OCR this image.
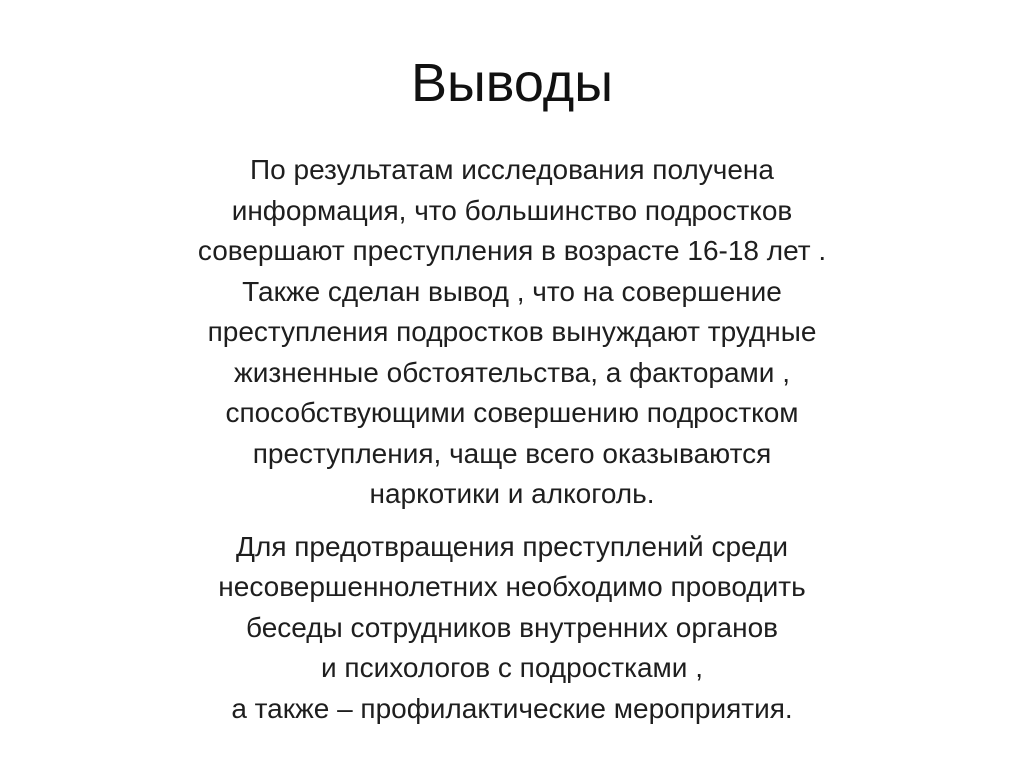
Выводы

По результатам исследования получена
информация, что большинство подростков
совершают преступления в возрасте 16-18 лет .
Также сделан вывод , что на совершение
преступления подростков вынуждают трудные
жизненные обстоятельства, а факторами ,
способствующими совершению подростком
преступления, чаще всего оказываются
наркотики и алкоголь.

Для предотвращения преступлений среди
несовершеннолетних необходимо проводить
беседы сотрудников внутренних органов
и психологов с подростками ,
а также – профилактические мероприятия.
